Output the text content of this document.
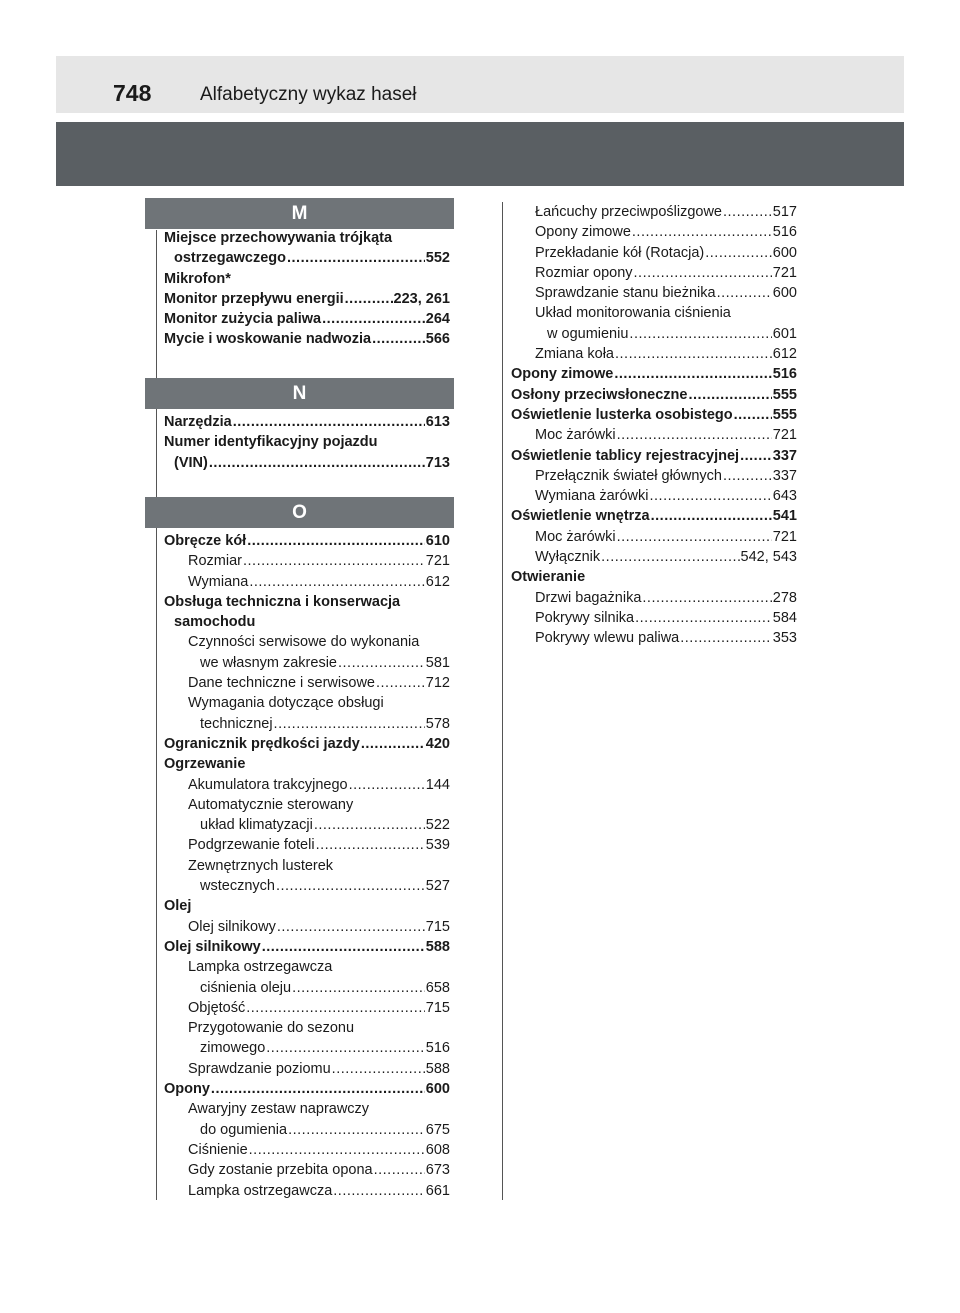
748	Alfabetyczny wykaz haseł
M
N
O
Miejsce przechowywania trójkąta
ostrzegawczego .....	552
Mikrofon*
Monitor przepływu energii .....	223, 261
Monitor zużycia paliwa .....	264
Mycie i woskowanie nadwozia .....	566
Narzędzia .....	613
Numer identyfikacyjny pojazdu
(VIN) .....	713
Obręcze kół .....	610
Rozmiar .....	721
Wymiana .....	612
Obsługa techniczna i konserwacja
samochodu
Czynności serwisowe do wykonania
we własnym zakresie .....	581
Dane techniczne i serwisowe .....	712
Wymagania dotyczące obsługi
technicznej .....	578
Ogranicznik prędkości jazdy .....	420
Ogrzewanie
Akumulatora trakcyjnego .....	144
Automatycznie sterowany
układ klimatyzacji .....	522
Podgrzewanie foteli .....	539
Zewnętrznych lusterek
wstecznych .....	527
Olej
Olej silnikowy .....	715
Olej silnikowy .....	588
Lampka ostrzegawcza
ciśnienia oleju .....	658
Objętość .....	715
Przygotowanie do sezonu
zimowego .....	516
Sprawdzanie poziomu .....	588
Opony .....	600
Awaryjny zestaw naprawczy
do ogumienia .....	675
Ciśnienie .....	608
Gdy zostanie przebita opona .....	673
Lampka ostrzegawcza .....	661
Łańcuchy przeciwpoślizgowe .....	517
Opony zimowe .....	516
Przekładanie kół (Rotacja) .....	600
Rozmiar opony .....	721
Sprawdzanie stanu bieżnika .....	600
Układ monitorowania ciśnienia
w ogumieniu .....	601
Zmiana koła .....	612
Opony zimowe .....	516
Osłony przeciwsłoneczne .....	555
Oświetlenie lusterka osobistego .....	555
Moc żarówki .....	721
Oświetlenie tablicy rejestracyjnej ..... 337
Przełącznik świateł głównych .....	337
Wymiana żarówki .....	643
Oświetlenie wnętrza .....	541
Moc żarówki .....	721
Wyłącznik .....	542, 543
Otwieranie
Drzwi bagażnika .....	278
Pokrywy silnika .....	584
Pokrywy wlewu paliwa .....	353
